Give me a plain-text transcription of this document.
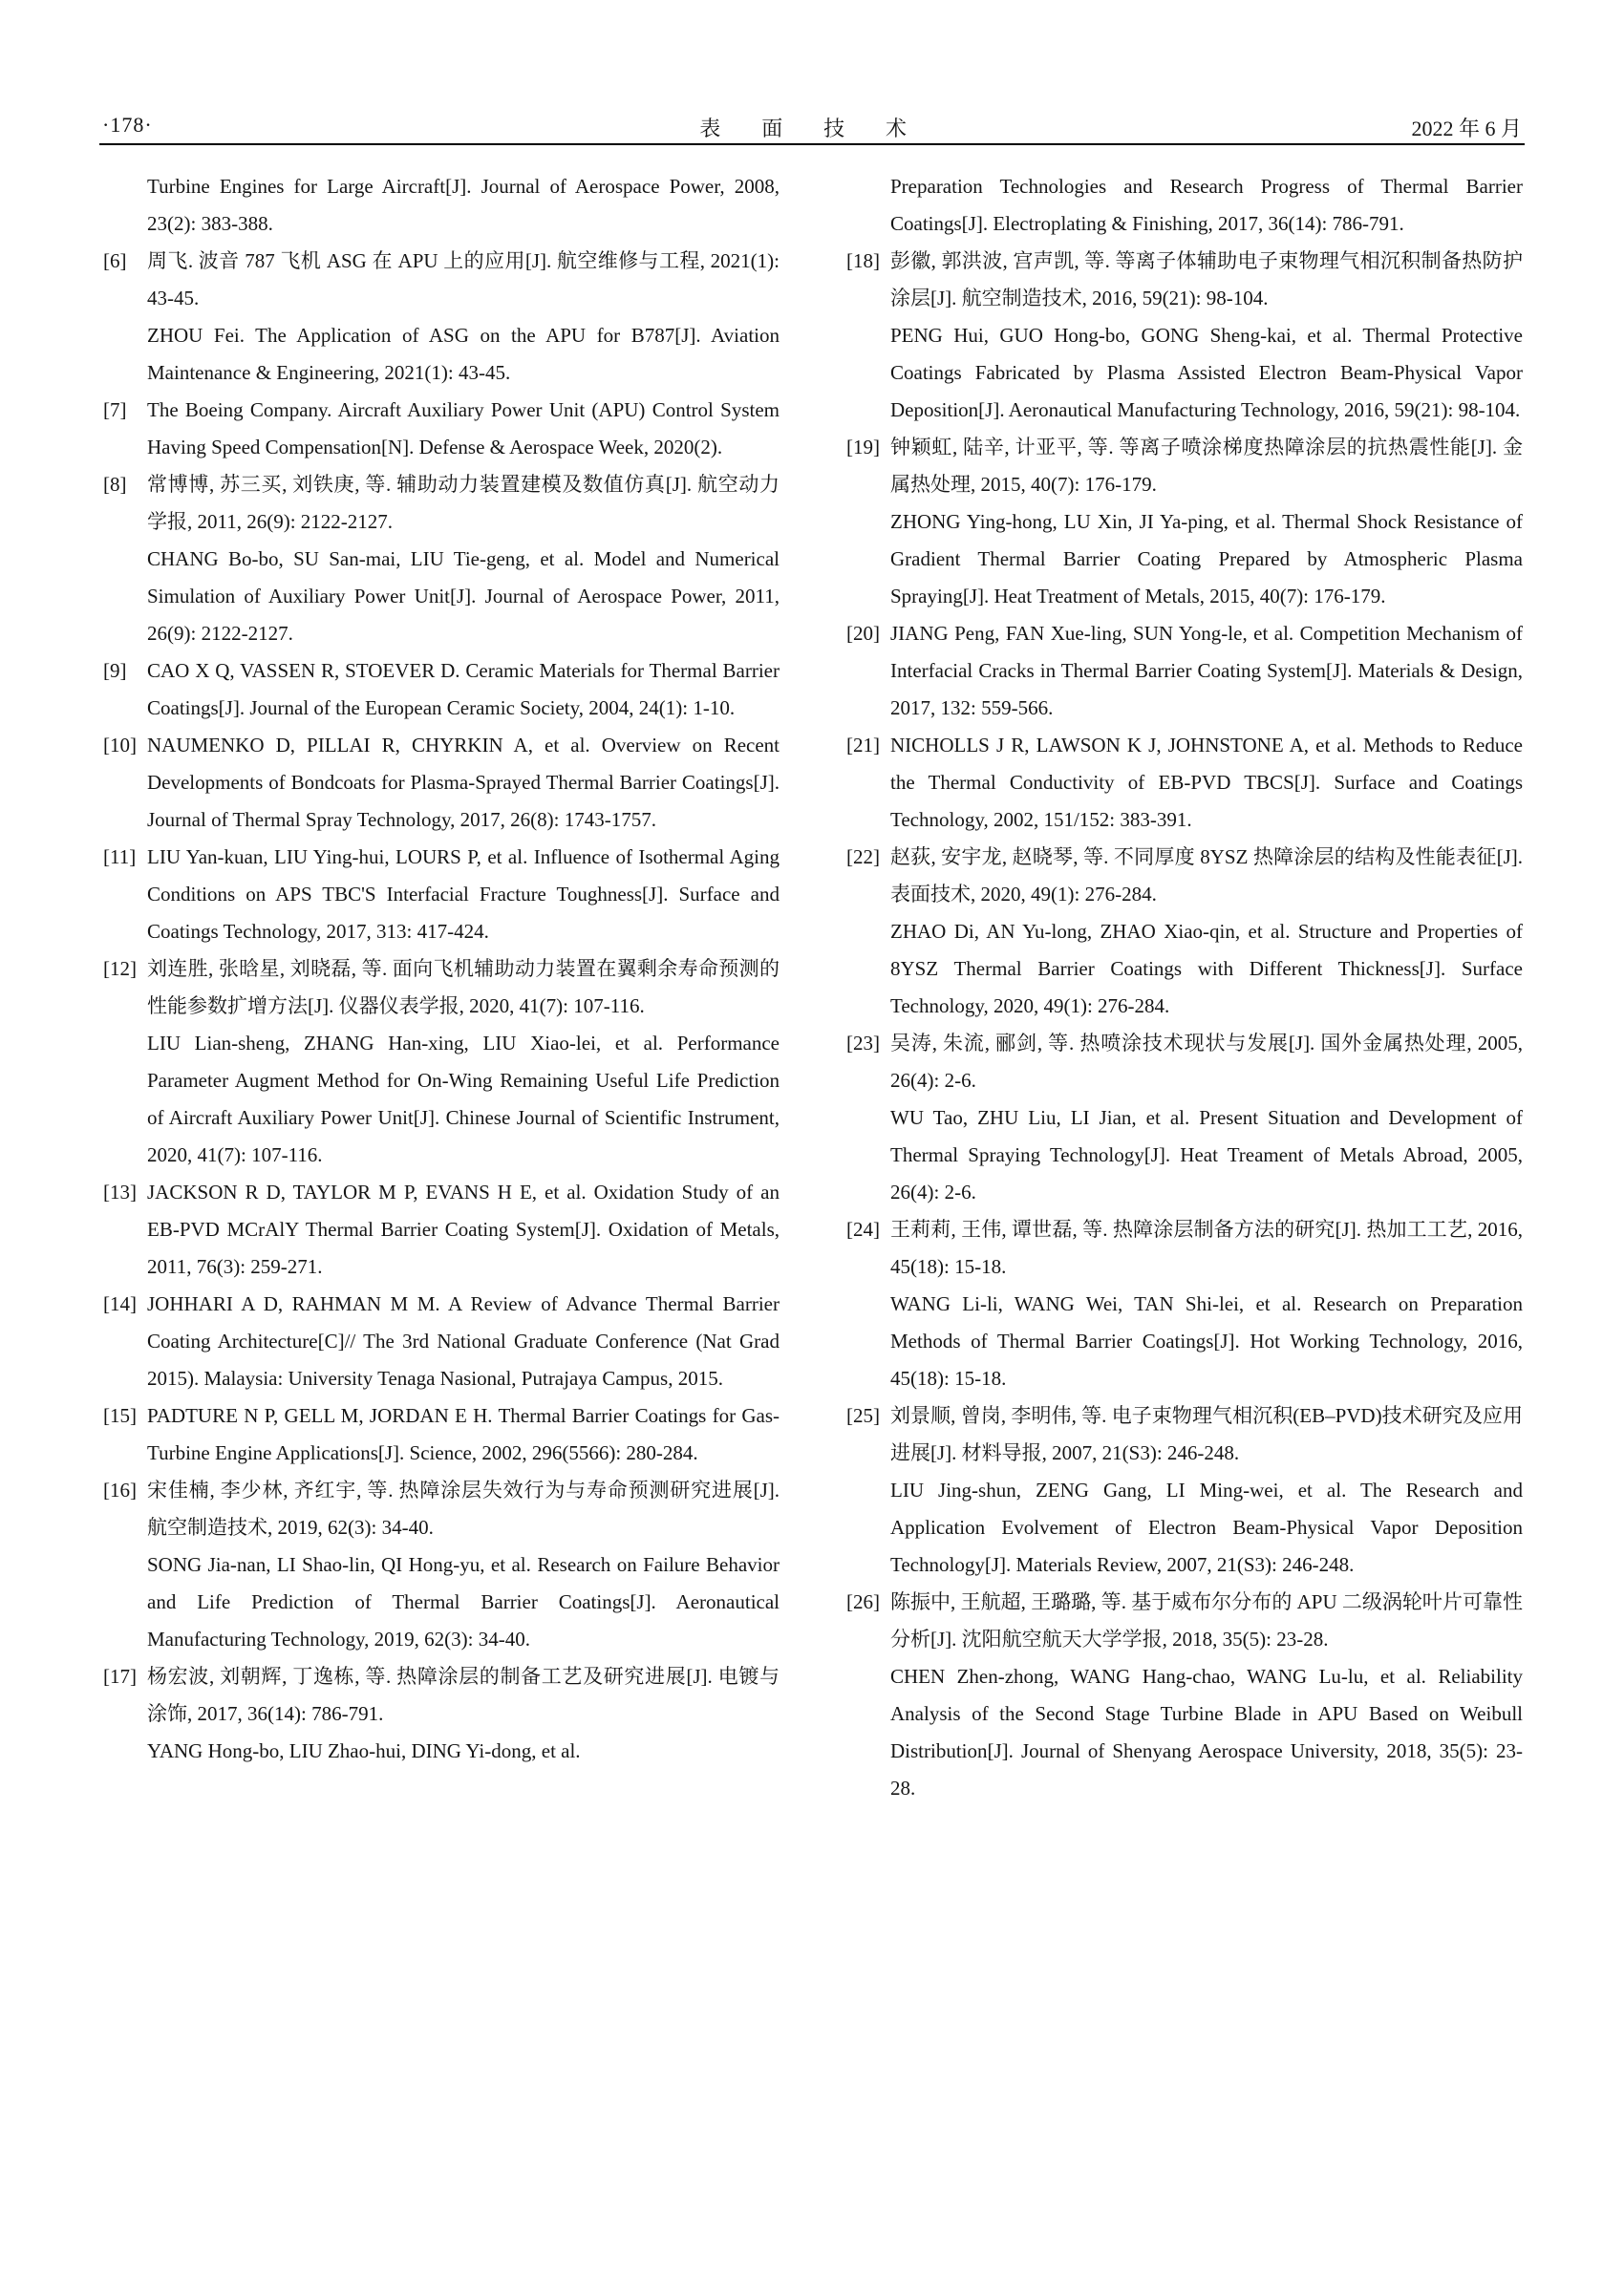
·178·	表 面 技 术	2022 年 6 月

Turbine Engines for Large Aircraft[J]. Journal of Aerospace Power, 2008, 23(2): 383-388.

[6]	周飞. 波音 787 飞机 ASG 在 APU 上的应用[J]. 航空维修与工程, 2021(1): 43-45.

ZHOU Fei. The Application of ASG on the APU for B787[J]. Aviation Maintenance & Engineering, 2021(1): 43-45.

[7]	The Boeing Company. Aircraft Auxiliary Power Unit (APU) Control System Having Speed Compensation[N]. Defense & Aerospace Week, 2020(2).

[8]	常博博, 苏三买, 刘铁庚, 等. 辅助动力装置建模及数值仿真[J]. 航空动力学报, 2011, 26(9): 2122-2127.

CHANG Bo-bo, SU San-mai, LIU Tie-geng, et al. Model and Numerical Simulation of Auxiliary Power Unit[J]. Journal of Aerospace Power, 2011, 26(9): 2122-2127.

[9]	CAO X Q, VASSEN R, STOEVER D. Ceramic Materials for Thermal Barrier Coatings[J]. Journal of the European Ceramic Society, 2004, 24(1): 1-10.

[10] NAUMENKO D, PILLAI R, CHYRKIN A, et al. Overview on Recent Developments of Bondcoats for Plasma-Sprayed Thermal Barrier Coatings[J]. Journal of Thermal Spray Technology, 2017, 26(8): 1743-1757.

[11] LIU Yan-kuan, LIU Ying-hui, LOURS P, et al. Influence of Isothermal Aging Conditions on APS TBC'S Interfacial Fracture Toughness[J]. Surface and Coatings Technology, 2017, 313: 417-424.

[12] 刘连胜, 张晗星, 刘晓磊, 等. 面向飞机辅助动力装置在翼剩余寿命预测的性能参数扩增方法[J]. 仪器仪表学报, 2020, 41(7): 107-116.

LIU Lian-sheng, ZHANG Han-xing, LIU Xiao-lei, et al. Performance Parameter Augment Method for On-Wing Remaining Useful Life Prediction of Aircraft Auxiliary Power Unit[J]. Chinese Journal of Scientific Instrument, 2020, 41(7): 107-116.

[13] JACKSON R D, TAYLOR M P, EVANS H E, et al. Oxidation Study of an EB-PVD MCrAlY Thermal Barrier Coating System[J]. Oxidation of Metals, 2011, 76(3): 259-271.

[14] JOHHARI A D, RAHMAN M M. A Review of Advance Thermal Barrier Coating Architecture[C]// The 3rd National Graduate Conference (Nat Grad 2015). Malaysia: University Tenaga Nasional, Putrajaya Campus, 2015.

[15] PADTURE N P, GELL M, JORDAN E H. Thermal Barrier Coatings for Gas-Turbine Engine Applications[J]. Science, 2002, 296(5566): 280-284.

[16] 宋佳楠, 李少林, 齐红宇, 等. 热障涂层失效行为与寿命预测研究进展[J]. 航空制造技术, 2019, 62(3): 34-40.

SONG Jia-nan, LI Shao-lin, QI Hong-yu, et al. Research on Failure Behavior and Life Prediction of Thermal Barrier Coatings[J]. Aeronautical Manufacturing Technology, 2019, 62(3): 34-40.

[17] 杨宏波, 刘朝辉, 丁逸栋, 等. 热障涂层的制备工艺及研究进展[J]. 电镀与涂饰, 2017, 36(14): 786-791.

YANG Hong-bo, LIU Zhao-hui, DING Yi-dong, et al.

Preparation Technologies and Research Progress of Thermal Barrier Coatings[J]. Electroplating & Finishing, 2017, 36(14): 786-791.

[18] 彭徽, 郭洪波, 宫声凯, 等. 等离子体辅助电子束物理气相沉积制备热防护涂层[J]. 航空制造技术, 2016, 59(21): 98-104.

PENG Hui, GUO Hong-bo, GONG Sheng-kai, et al. Thermal Protective Coatings Fabricated by Plasma Assisted Electron Beam-Physical Vapor Deposition[J]. Aeronautical Manufacturing Technology, 2016, 59(21): 98-104.

[19] 钟颖虹, 陆辛, 计亚平, 等. 等离子喷涂梯度热障涂层的抗热震性能[J]. 金属热处理, 2015, 40(7): 176-179.

ZHONG Ying-hong, LU Xin, JI Ya-ping, et al. Thermal Shock Resistance of Gradient Thermal Barrier Coating Prepared by Atmospheric Plasma Spraying[J]. Heat Treatment of Metals, 2015, 40(7): 176-179.

[20] JIANG Peng, FAN Xue-ling, SUN Yong-le, et al. Competition Mechanism of Interfacial Cracks in Thermal Barrier Coating System[J]. Materials & Design, 2017, 132: 559-566.

[21] NICHOLLS J R, LAWSON K J, JOHNSTONE A, et al. Methods to Reduce the Thermal Conductivity of EB-PVD TBCS[J]. Surface and Coatings Technology, 2002, 151/152: 383-391.

[22] 赵荻, 安宇龙, 赵晓琴, 等. 不同厚度 8YSZ 热障涂层的结构及性能表征[J]. 表面技术, 2020, 49(1): 276-284.

ZHAO Di, AN Yu-long, ZHAO Xiao-qin, et al. Structure and Properties of 8YSZ Thermal Barrier Coatings with Different Thickness[J]. Surface Technology, 2020, 49(1): 276-284.

[23] 吴涛, 朱流, 郦剑, 等. 热喷涂技术现状与发展[J]. 国外金属热处理, 2005, 26(4): 2-6.

WU Tao, ZHU Liu, LI Jian, et al. Present Situation and Development of Thermal Spraying Technology[J]. Heat Treament of Metals Abroad, 2005, 26(4): 2-6.

[24] 王莉莉, 王伟, 谭世磊, 等. 热障涂层制备方法的研究[J]. 热加工工艺, 2016, 45(18): 15-18.

WANG Li-li, WANG Wei, TAN Shi-lei, et al. Research on Preparation Methods of Thermal Barrier Coatings[J]. Hot Working Technology, 2016, 45(18): 15-18.

[25] 刘景顺, 曾岗, 李明伟, 等. 电子束物理气相沉积(EB–PVD)技术研究及应用进展[J]. 材料导报, 2007, 21(S3): 246-248.

LIU Jing-shun, ZENG Gang, LI Ming-wei, et al. The Research and Application Evolvement of Electron Beam-Physical Vapor Deposition Technology[J]. Materials Review, 2007, 21(S3): 246-248.

[26] 陈振中, 王航超, 王璐璐, 等. 基于威布尔分布的 APU 二级涡轮叶片可靠性分析[J]. 沈阳航空航天大学学报, 2018, 35(5): 23-28.

CHEN Zhen-zhong, WANG Hang-chao, WANG Lu-lu, et al. Reliability Analysis of the Second Stage Turbine Blade in APU Based on Weibull Distribution[J]. Journal of Shenyang Aerospace University, 2018, 35(5): 23-28.
